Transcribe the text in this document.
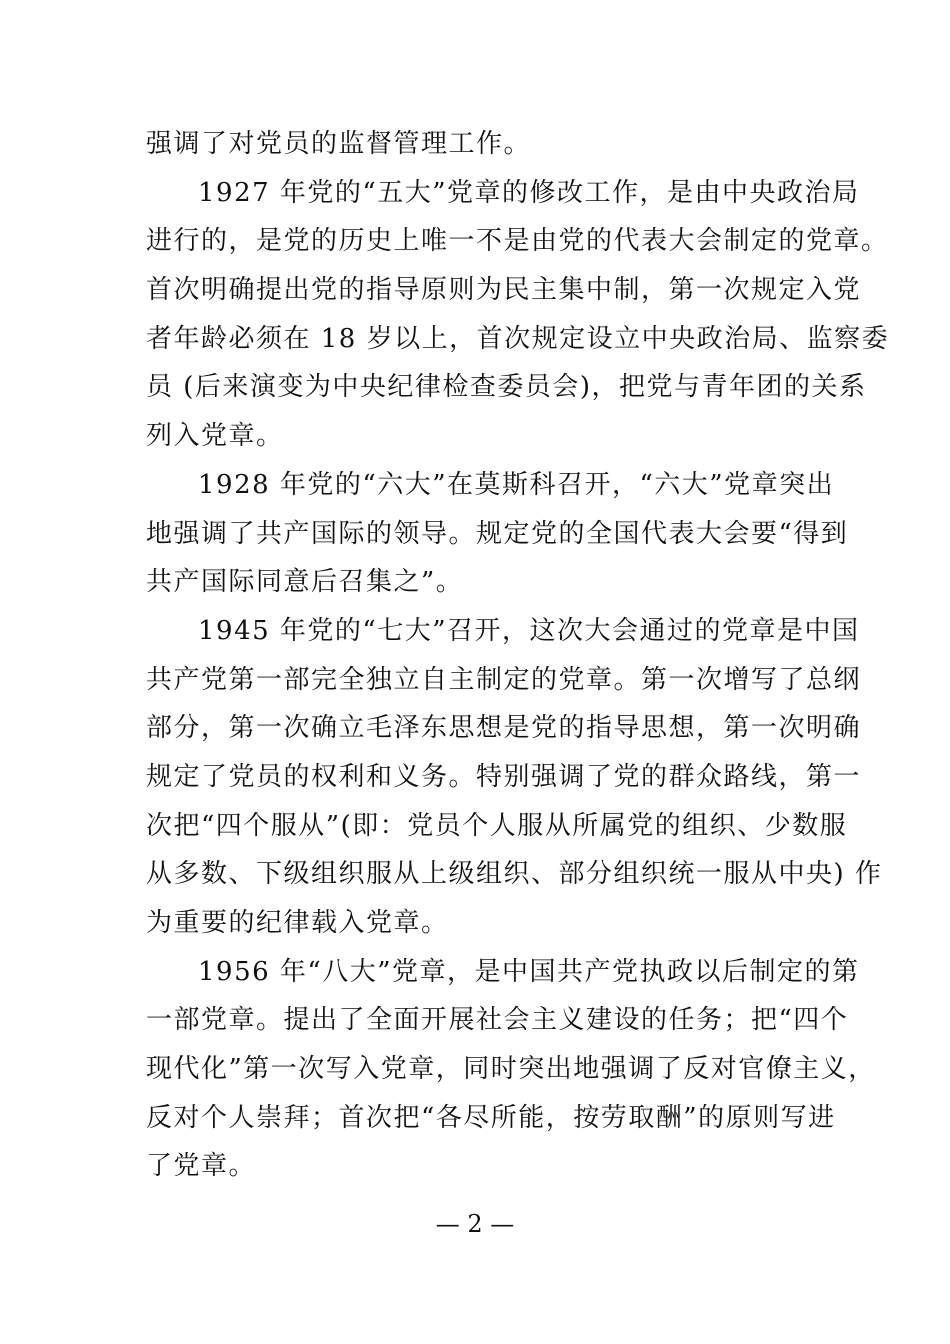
强调了对党员的监督管理工作。
1927 年党的“五大”党章的修改工作，是由中央政治局
进行的，是党的历史上唯一不是由党的代表大会制定的党章。
首次明确提出党的指导原则为民主集中制，第一次规定入党
者年龄必须在 18 岁以上，首次规定设立中央政治局、监察委
员 (后来演变为中央纪律检查委员会)，把党与青年团的关系
列入党章。
1928 年党的“六大”在莫斯科召开，“六大”党章突出
地强调了共产国际的领导。规定党的全国代表大会要“得到
共产国际同意后召集之”。
1945 年党的“七大”召开，这次大会通过的党章是中国
共产党第一部完全独立自主制定的党章。第一次增写了总纲
部分，第一次确立毛泽东思想是党的指导思想，第一次明确
规定了党员的权利和义务。特别强调了党的群众路线，第一
次把“四个服从”(即：党员个人服从所属党的组织、少数服
从多数、下级组织服从上级组织、部分组织统一服从中央) 作
为重要的纪律载入党章。
1956 年“八大”党章，是中国共产党执政以后制定的第
一部党章。提出了全面开展社会主义建设的任务；把“四个
现代化”第一次写入党章，同时突出地强调了反对官僚主义，
反对个人崇拜；首次把“各尽所能，按劳取酬”的原则写进
了党章。
— 2 —
